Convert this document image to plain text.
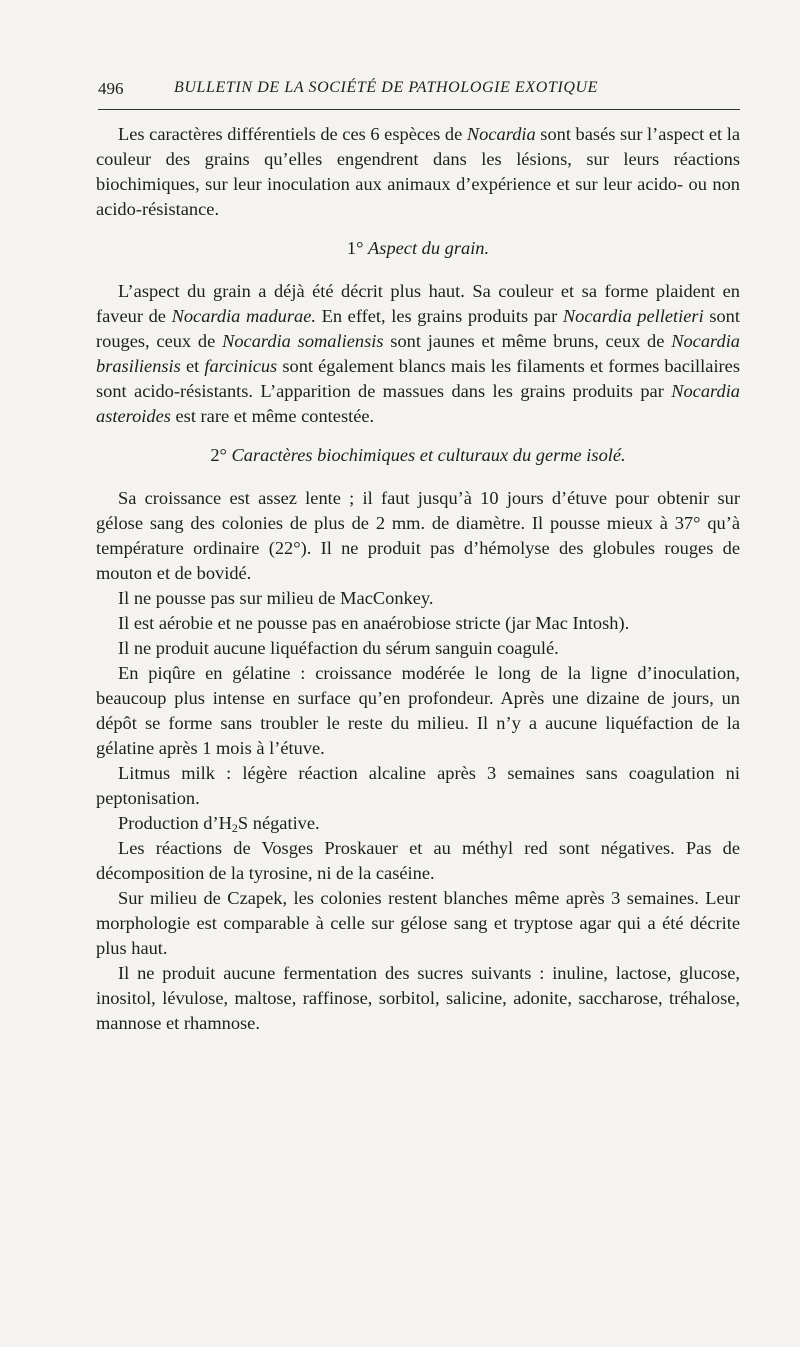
496	BULLETIN DE LA SOCIÉTÉ DE PATHOLOGIE EXOTIQUE

Les caractères différentiels de ces 6 espèces de Nocardia sont basés sur l’aspect et la couleur des grains qu’elles engendrent dans les lésions, sur leurs réactions biochimiques, sur leur inoculation aux animaux d’expérience et sur leur acido- ou non acido-résistance.

1° Aspect du grain.

L’aspect du grain a déjà été décrit plus haut. Sa couleur et sa forme plaident en faveur de Nocardia madurae. En effet, les grains produits par Nocardia pelletieri sont rouges, ceux de Nocardia somaliensis sont jaunes et même bruns, ceux de Nocardia brasiliensis et farcinicus sont également blancs mais les filaments et formes bacillaires sont acido-résistants. L’apparition de massues dans les grains produits par Nocardia asteroides est rare et même contestée.

2° Caractères biochimiques et culturaux du germe isolé.

Sa croissance est assez lente ; il faut jusqu’à 10 jours d’étuve pour obtenir sur gélose sang des colonies de plus de 2 mm. de diamètre. Il pousse mieux à 37° qu’à température ordinaire (22°). Il ne produit pas d’hémolyse des globules rouges de mouton et de bovidé.

Il ne pousse pas sur milieu de MacConkey.

Il est aérobie et ne pousse pas en anaérobiose stricte (jar Mac Intosh).

Il ne produit aucune liquéfaction du sérum sanguin coagulé.

En piqûre en gélatine : croissance modérée le long de la ligne d’inoculation, beaucoup plus intense en surface qu’en profondeur. Après une dizaine de jours, un dépôt se forme sans troubler le reste du milieu. Il n’y a aucune liquéfaction de la gélatine après 1 mois à l’étuve.

Litmus milk : légère réaction alcaline après 3 semaines sans coagulation ni peptonisation.

Production $d’H_2S$ négative.

Les réactions de Vosges Proskauer et au méthyl red sont négatives. Pas de décomposition de la tyrosine, ni de la caséine.

Sur milieu de Czapek, les colonies restent blanches même après 3 semaines. Leur morphologie est comparable à celle sur gélose sang et tryptose agar qui a été décrite plus haut.

Il ne produit aucune fermentation des sucres suivants : inuline, lactose, glucose, inositol, lévulose, maltose, raffinose, sorbitol, salicine, adonite, saccharose, tréhalose, mannose et rhamnose.
